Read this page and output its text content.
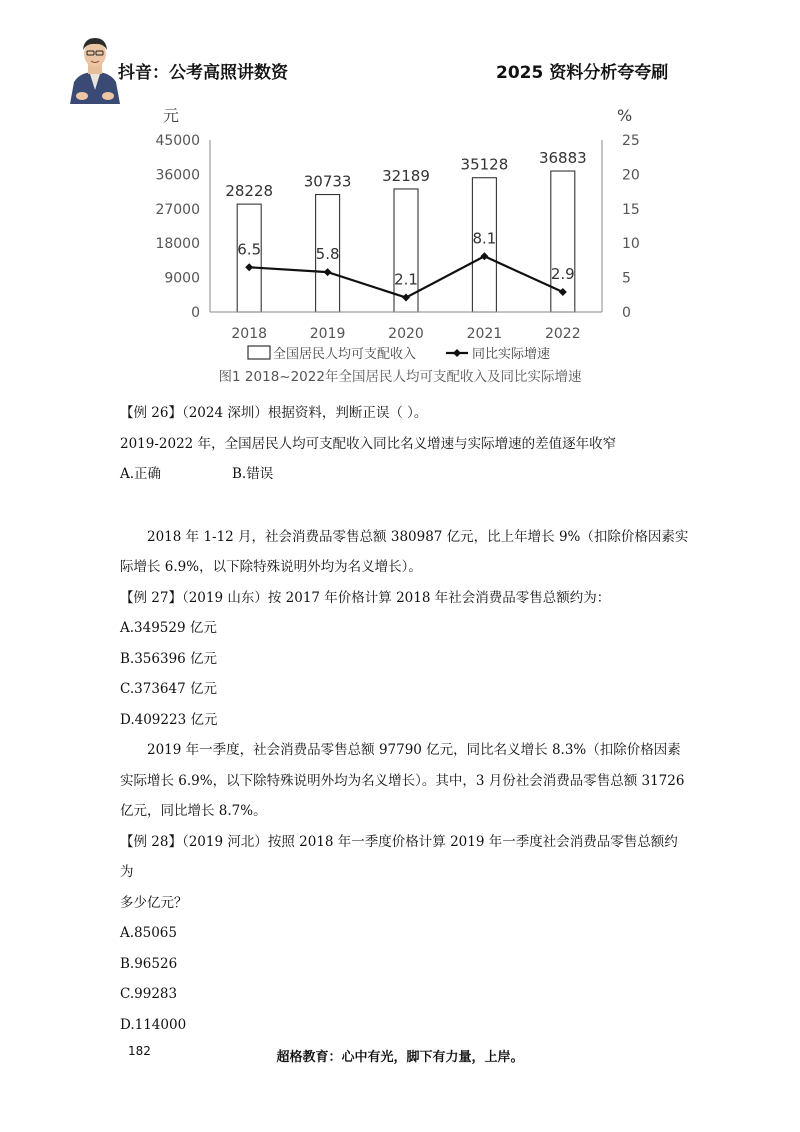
抖音：公考高照讲数资	2025 资料分析夸夸刷
元	%
45000
36000
27000
18000
9000
0
25
20
15
10
5
0
28228
30733 32189
35128 36883
6.5	5.8
2.1
8.1
2.9
2018	2019	2020	2021	2022
全国居民人均可支配收入	同比实际增速
图1 2018~2022年全国居民人均可支配收入及同比实际增速

【例 26】（2024 深圳）根据资料，判断正误（ ）。

2019-2022 年，全国居民人均可支配收入同比名义增速与实际增速的差值逐年收窄

A.正确	B.错误

2018 年 1-12 月，社会消费品零售总额 380987 亿元，比上年增长 9%（扣除价格因素实

际增长 6.9%，以下除特殊说明外均为名义增长）。

【例 27】（2019 山东）按 2017 年价格计算 2018 年社会消费品零售总额约为：

A.349529 亿元

B.356396 亿元

C.373647 亿元

D.409223 亿元

2019 年一季度，社会消费品零售总额 97790 亿元，同比名义增长 8.3%（扣除价格因素

实际增长 6.9%，以下除特殊说明外均为名义增长）。其中，3 月份社会消费品零售总额 31726

亿元，同比增长 8.7%。

【例 28】（2019 河北）按照 2018 年一季度价格计算 2019 年一季度社会消费品零售总额约为

多少亿元？

A.85065

B.96526

C.99283

D.114000

182	超格教育：心中有光，脚下有力量，上岸。
